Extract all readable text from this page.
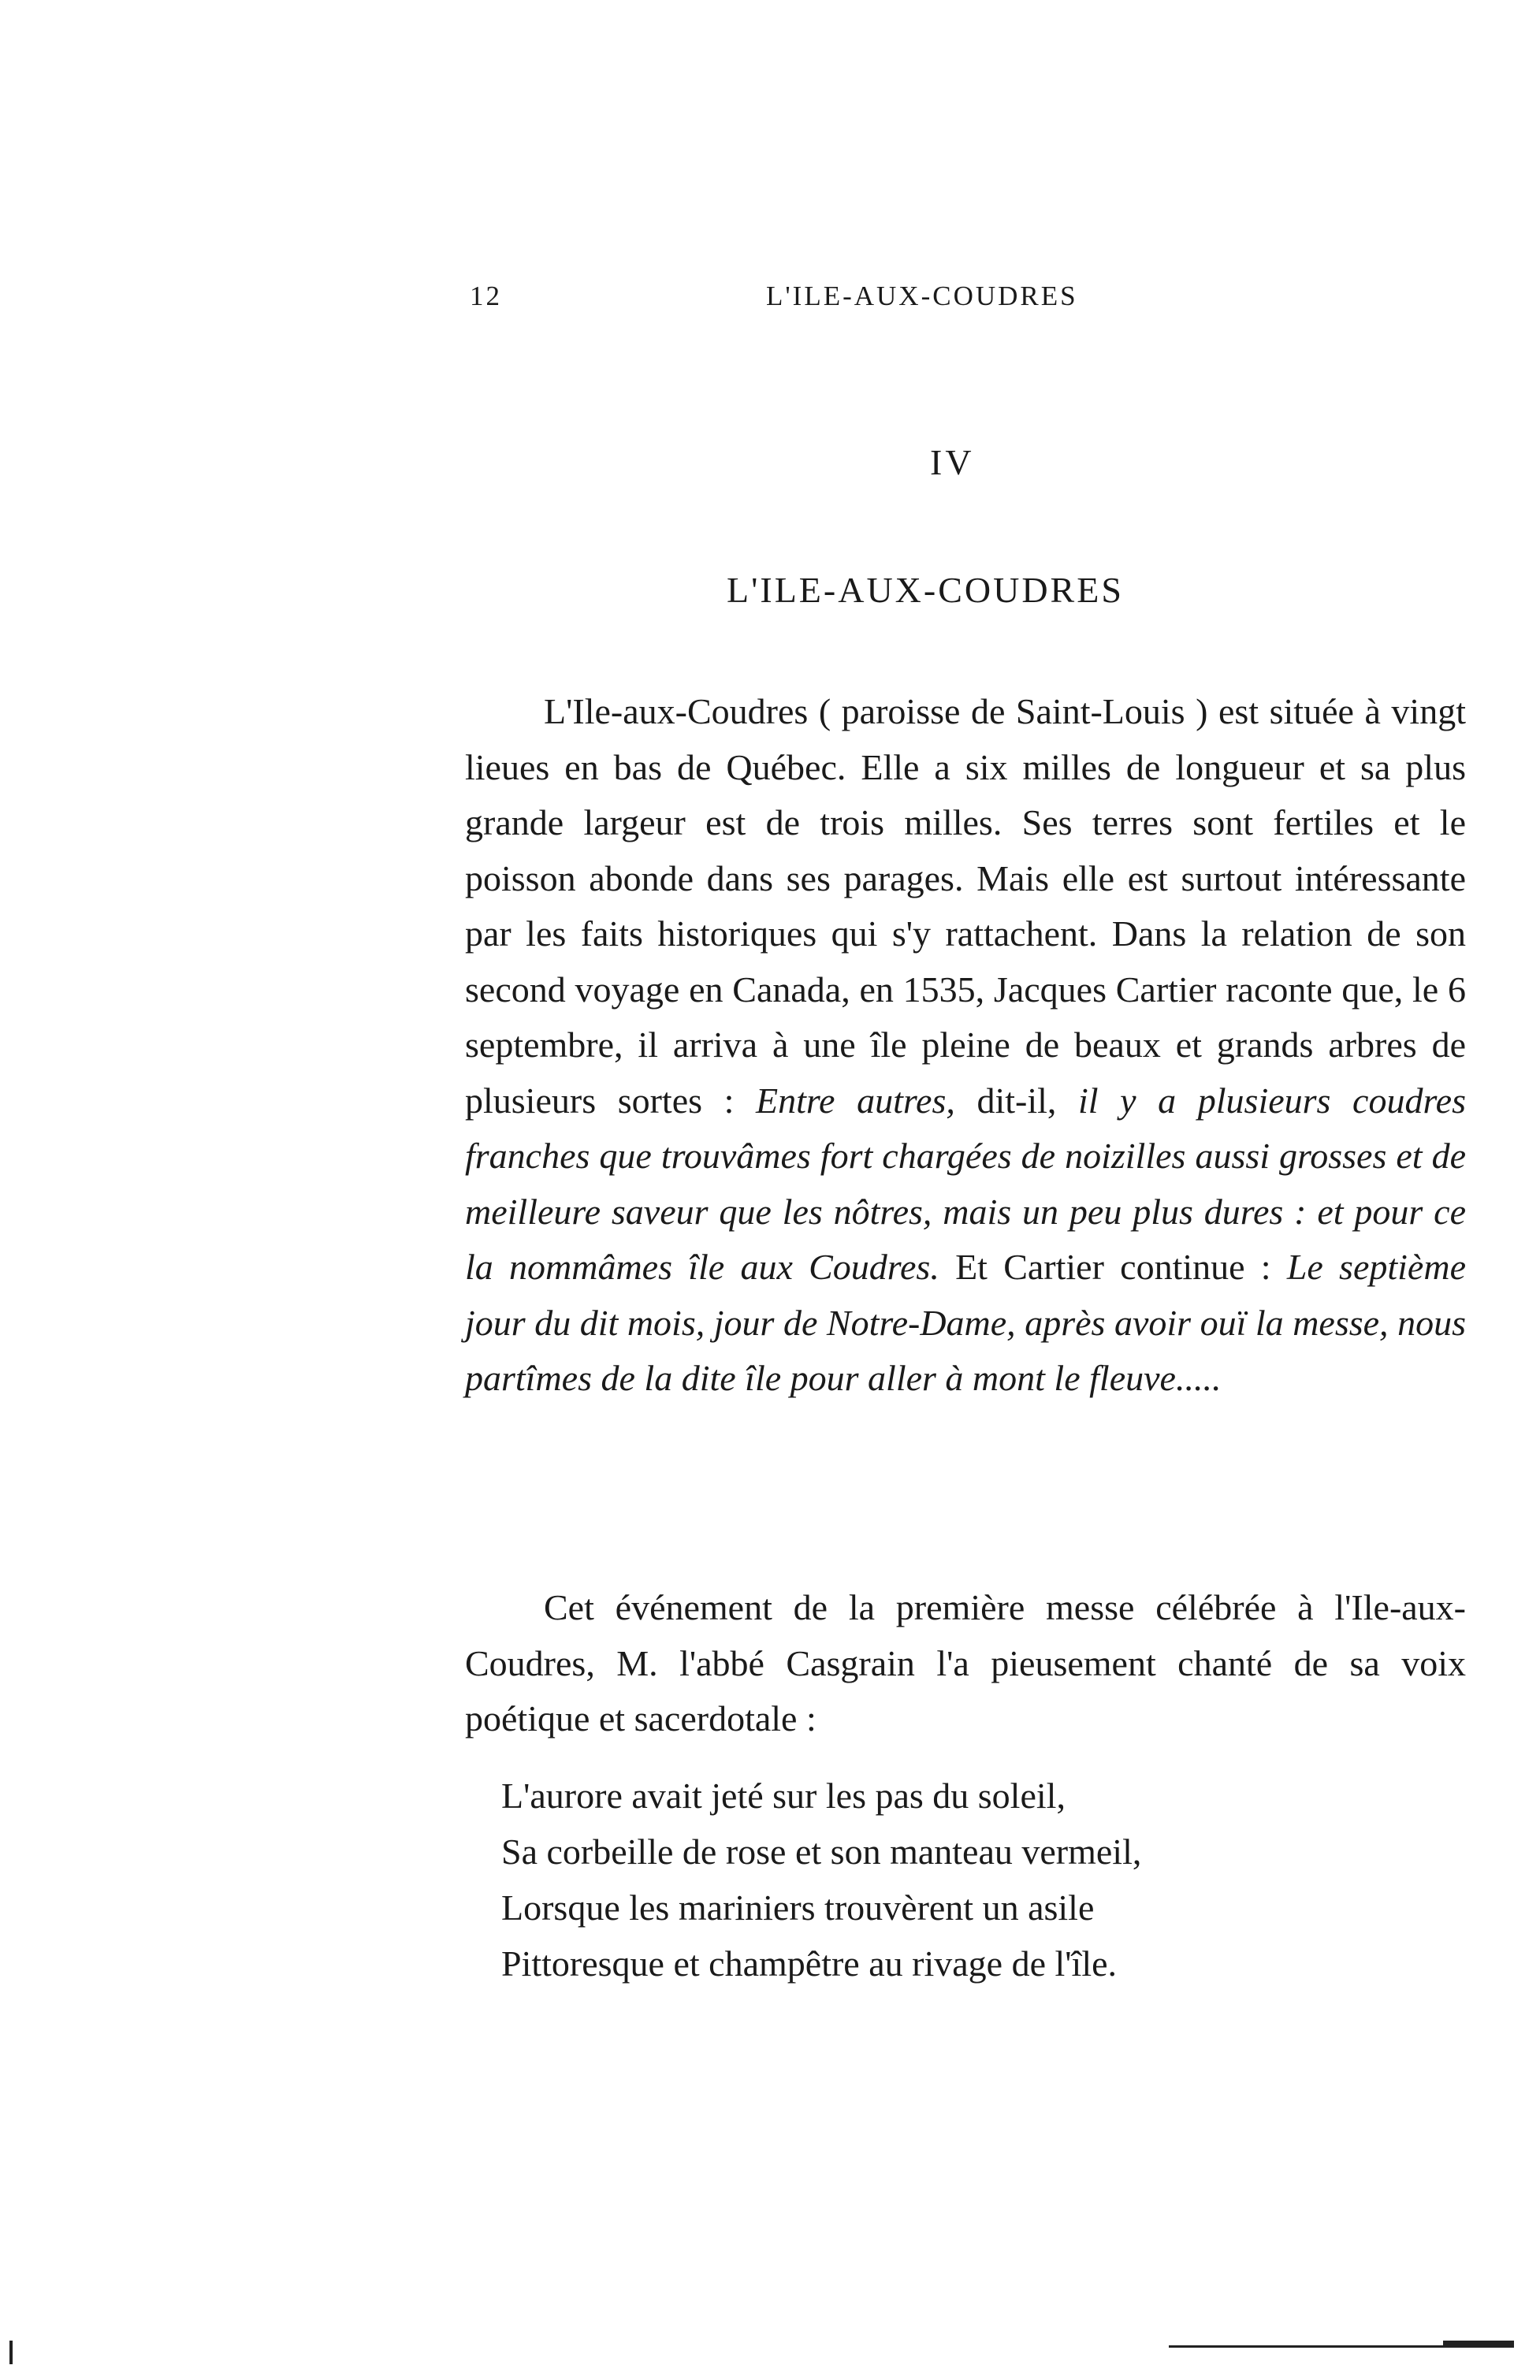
12	L'ILE-AUX-COUDRES
IV
L'ILE-AUX-COUDRES

L'Ile-aux-Coudres ( paroisse de Saint-Louis ) est située à vingt lieues en bas de Québec. Elle a six milles de longueur et sa plus grande largeur est de trois milles. Ses terres sont fertiles et le poisson abonde dans ses parages. Mais elle est surtout intéressante par les faits historiques qui s'y rattachent. Dans la relation de son second voyage en Canada, en 1535, Jacques Cartier raconte que, le 6 septembre, il arriva à une île pleine de beaux et grands arbres de plusieurs sortes : Entre autres, dit-il, il y a plusieurs coudres franches que trouvâmes fort chargées de noizilles aussi grosses et de meilleure saveur que les nôtres, mais un peu plus dures : et pour ce la nommâmes île aux Coudres. Et Cartier continue : Le septième jour du dit mois, jour de Notre-Dame, après avoir ouï la messe, nous partîmes de la dite île pour aller à mont le fleuve.....

Cet événement de la première messe célébrée à l'Ile-aux-Coudres, M. l'abbé Casgrain l'a pieusement chanté de sa voix poétique et sacerdotale :

L'aurore avait jeté sur les pas du soleil,
Sa corbeille de rose et son manteau vermeil,
Lorsque les mariniers trouvèrent un asile
Pittoresque et champêtre au rivage de l'île.
